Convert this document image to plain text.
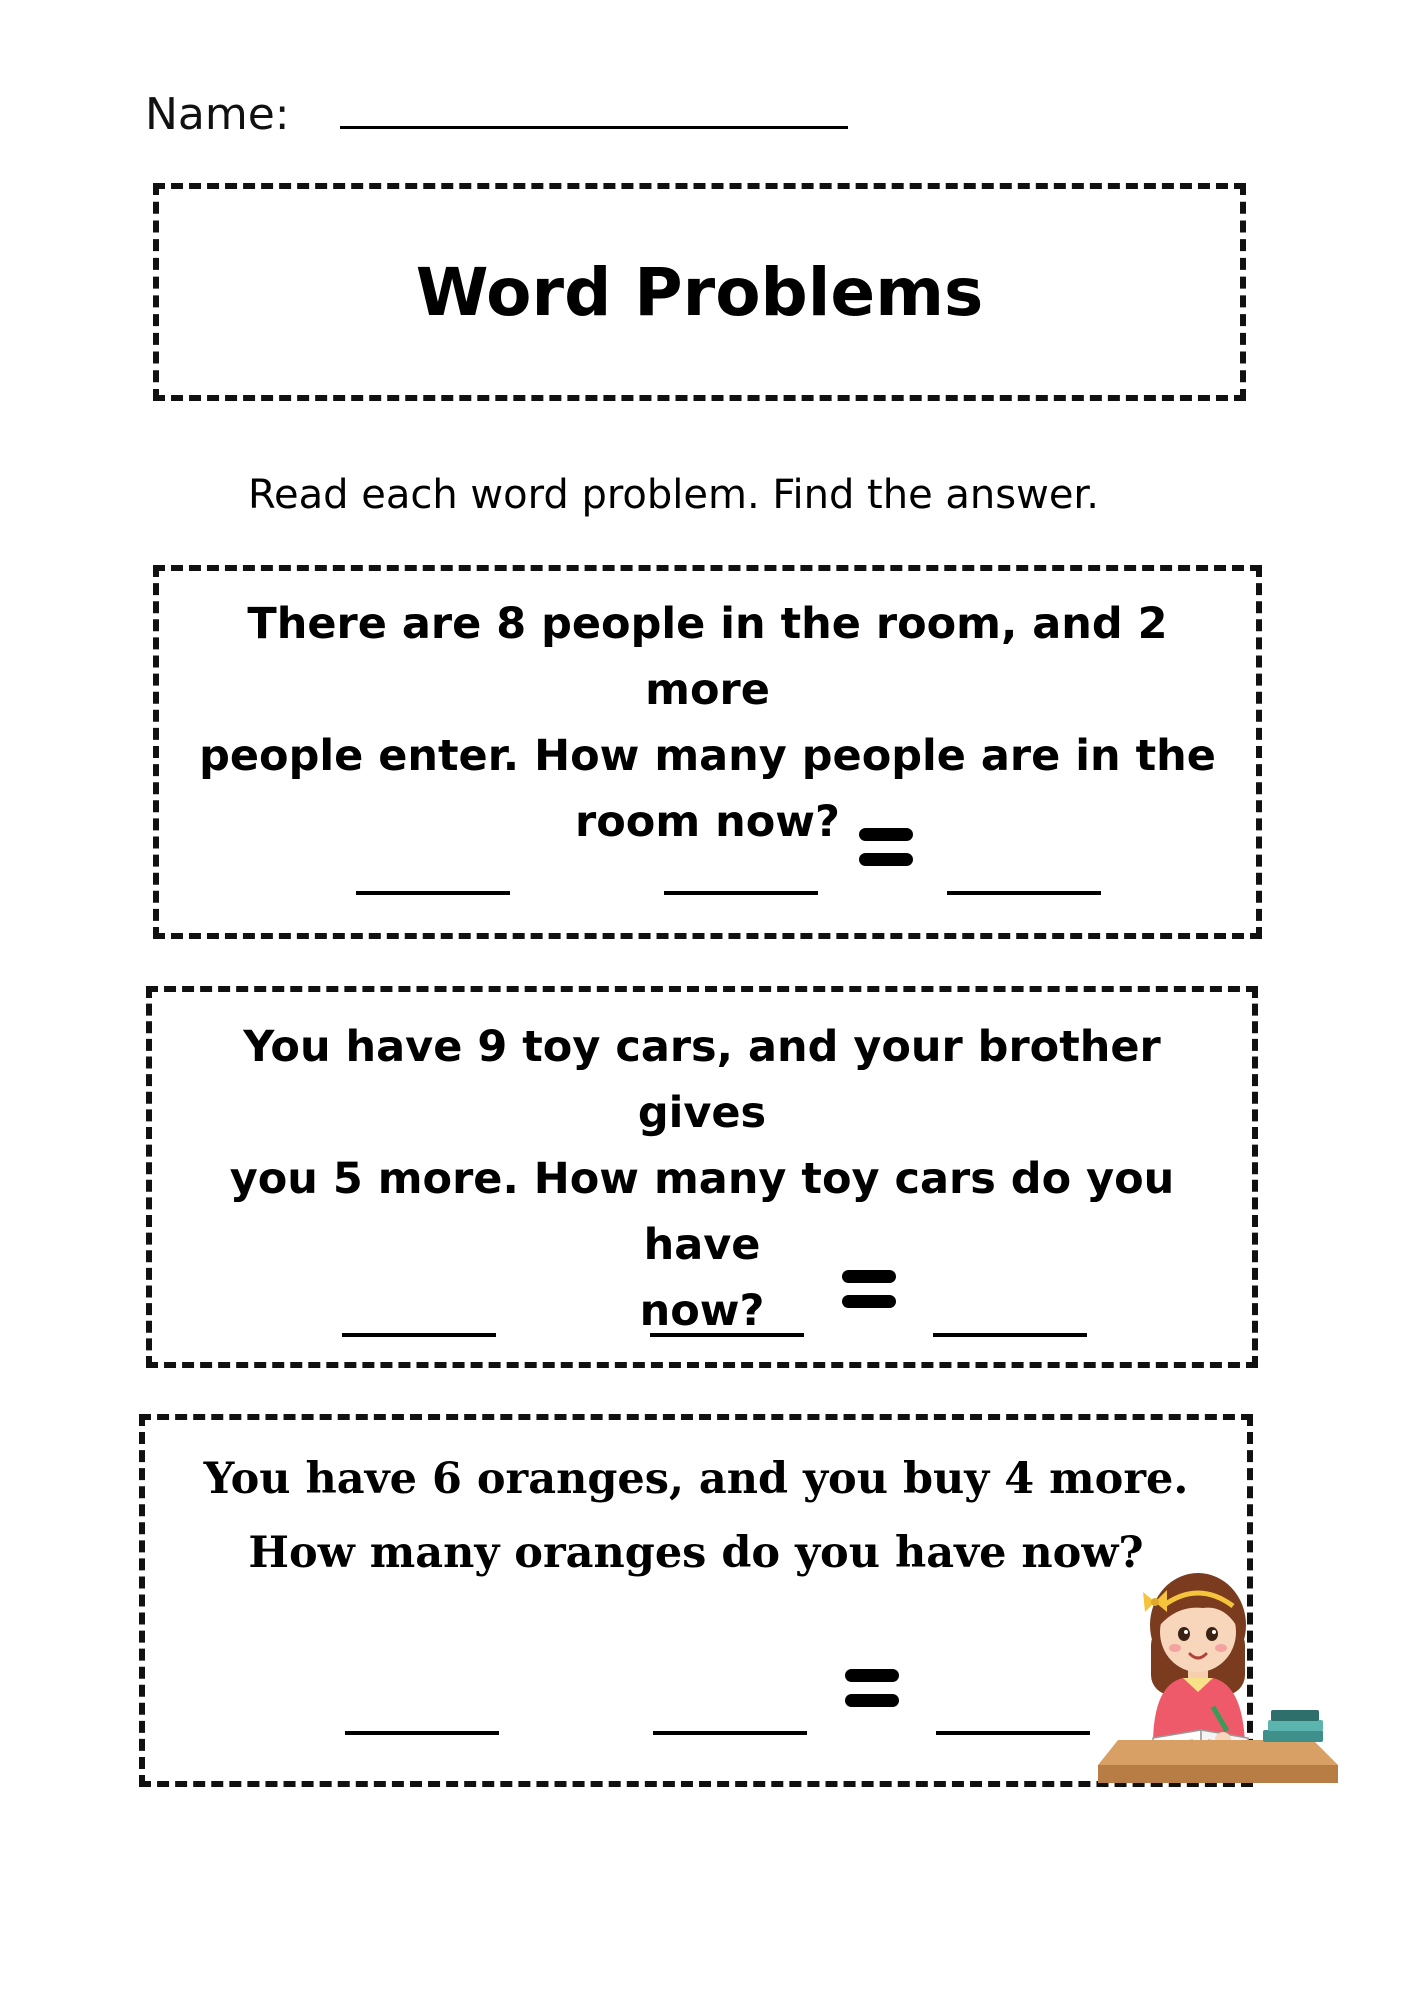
Name:
Word Problems
Read each word problem. Find the answer.
There are 8 people in the room, and 2 more
people enter. How many people are in the
room now?
You have 9 toy cars, and your brother gives
you 5 more. How many toy cars do you have
now?
You have 6 oranges, and you buy 4 more.
How many oranges do you have now?
